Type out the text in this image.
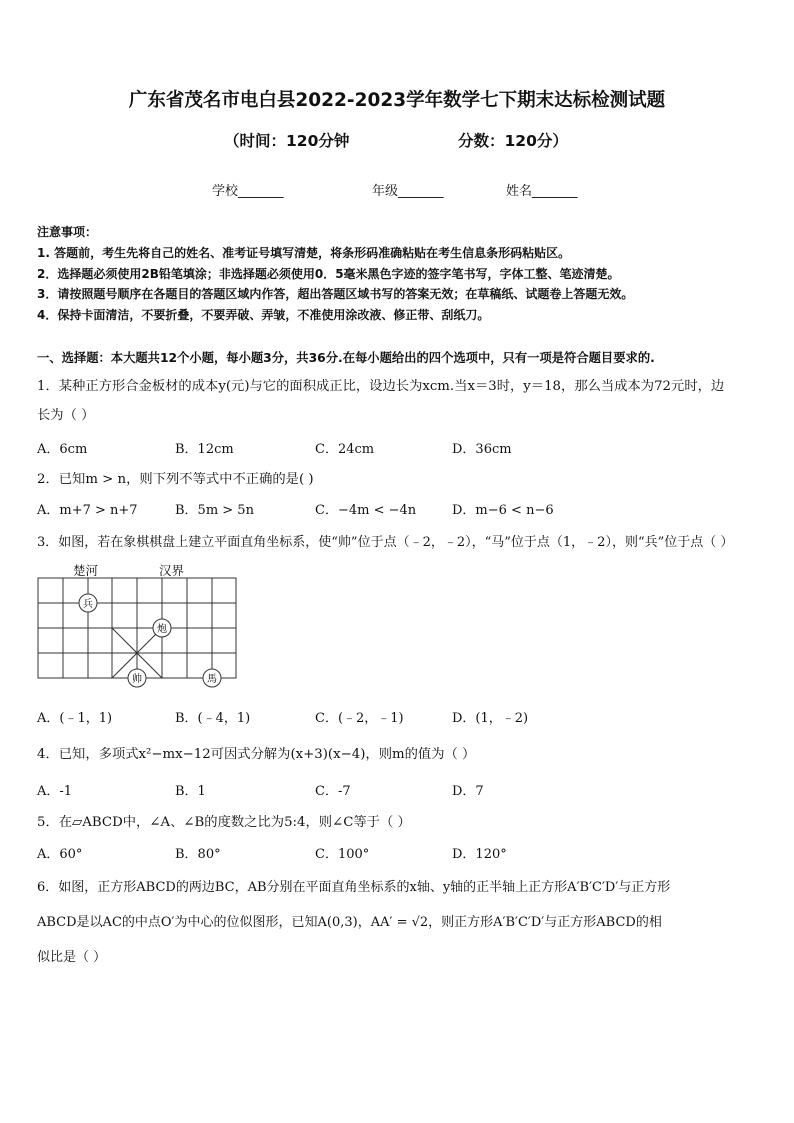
广东省茂名市电白县2022-2023学年数学七下期末达标检测试题
（时间：120分钟	分数：120分）
学校_______	年级_______	姓名_______
注意事项：
1. 答题前，考生先将自己的姓名、准考证号填写清楚，将条形码准确粘贴在考生信息条形码粘贴区。
2．选择题必须使用2B铅笔填涂；非选择题必须使用0．5毫米黑色字迹的签字笔书写，字体工整、笔迹清楚。
3．请按照题号顺序在各题目的答题区域内作答，超出答题区域书写的答案无效；在草稿纸、试题卷上答题无效。
4．保持卡面清洁，不要折叠，不要弄破、弄皱，不准使用涂改液、修正带、刮纸刀。
一、选择题：本大题共12个小题，每小题3分，共36分.在每小题给出的四个选项中，只有一项是符合题目要求的.
1．某种正方形合金板材的成本y(元)与它的面积成正比，设边长为xcm.当x＝3时，y＝18，那么当成本为72元时，边
长为（ ）
A．6cm	B．12cm	C．24cm	D．36cm
2．已知m > n，则下列不等式中不正确的是( )
A．m+7 > n+7	B．5m > 5n	C．−4m < −4n	D．m−6 < n−6
3．如图，若在象棋棋盘上建立平面直角坐标系，使“帅”位于点（﹣2，﹣2），“马”位于点（1，﹣2），则“兵”位于点（ ）
楚河	汉界
兵
炮
帅	馬
A．(﹣1，1)	B．(﹣4，1)	C．(﹣2，﹣1)	D．(1，﹣2)
4．已知，多项式x²−mx−12可因式分解为(x+3)(x−4)，则m的值为（ ）
A．-1	B．1	C．-7	D．7
5．在▱ABCD中，∠A、∠B的度数之比为5:4，则∠C等于（ ）
A．60°	B．80°	C．100°	D．120°
6．如图，正方形ABCD的两边BC，AB分别在平面直角坐标系的x轴、y轴的正半轴上正方形A′B′C′D′与正方形
ABCD是以AC的中点O′为中心的位似图形，已知A(0,3)，AA′ = √2，则正方形A′B′C′D′与正方形ABCD的相
似比是（ ）
